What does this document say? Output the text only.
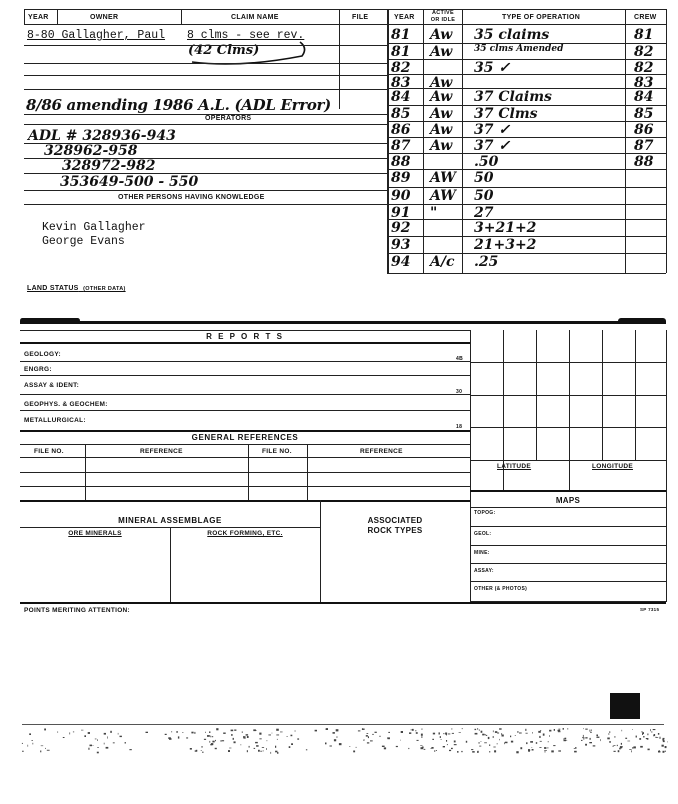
YEAR	OWNER	CLAIM NAME	FILE	YEAR
ACTIVE
OR IDLE	TYPE OF OPERATION	CREW
8-80 Gallagher, Paul 8 clms - see rev.
(42 Clms)
8/86 amending 1986 A.L. (ADL Error)
OPERATORS
ADL # 328936-943
328962-958
328972-982
353649-500 - 550
OTHER PERSONS HAVING KNOWLEDGE
Kevin Gallagher
George Evans
81 Aw 35 claims	81
81 Aw 35 clms Amended	82
82	35 ✓	82
83 Aw	83
84 Aw 37 Claims	84
85 Aw 37 Clms	85
86 Aw 37 ✓	86
87 Aw 37 ✓	87
88	.50	88
89 AW 50
90 AW 50
91 "	27
92	3+21+2
93	21+3+2
94 A/c .25
LAND STATUS (OTHER DATA)
R E P O R T S
GEOLOGY:
4B
ENGRG:
ASSAY & IDENT:
30
GEOPHYS. & GEOCHEM:
METALLURGICAL:
18
GENERAL REFERENCES
FILE NO.	REFERENCE	FILE NO.	REFERENCE
LATITUDE	LONGITUDE
MAPS
TOPOG:
GEOL:
MINE:
ASSAY:
OTHER (& PHOTOS)
MINERAL ASSEMBLAGE
ORE MINERALS	ROCK FORMING, ETC.
ASSOCIATED
ROCK TYPES
POINTS MERITING ATTENTION:	SP 7315
